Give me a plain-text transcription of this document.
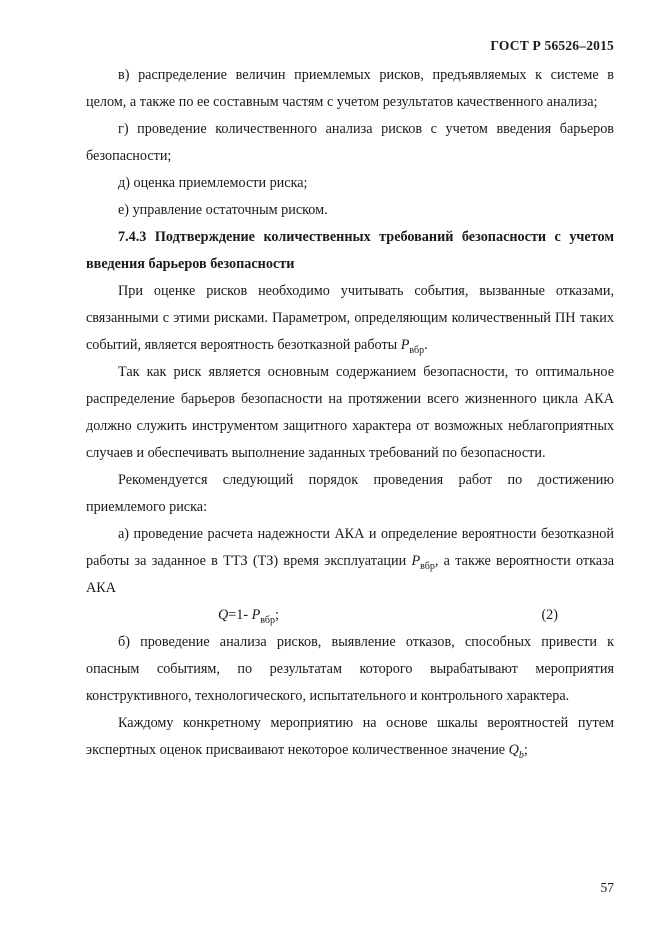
ГОСТ Р 56526–2015

в) распределение величин приемлемых рисков, предъявляемых к системе в целом, а также по ее составным частям с учетом результатов качественного анализа;

г) проведение количественного анализа рисков с учетом введения барьеров безопасности;

д) оценка приемлемости риска;

е) управление остаточным риском.

7.4.3 Подтверждение количественных требований безопасности с учетом введения барьеров безопасности

При оценке рисков необходимо учитывать события, вызванные отказами, связанными с этими рисками. Параметром, определяющим количественный ПН таких событий, является вероятность безотказной работы $P_{вбр}$.

Так как риск является основным содержанием безопасности, то оптимальное распределение барьеров безопасности на протяжении всего жизненного цикла АКА должно служить инструментом защитного характера от возможных неблагоприятных случаев и обеспечивать выполнение заданных требований по безопасности.

Рекомендуется следующий порядок проведения работ по достижению приемлемого риска:

а) проведение расчета надежности АКА и определение вероятности безотказной работы за заданное в ТТЗ (ТЗ) время эксплуатации $P_{вбр}$, а также вероятности отказа АКА

Q=1- $P_{вбр}$;	(2)

б) проведение анализа рисков, выявление отказов, способных привести к опасным событиям, по результатам которого вырабатывают мероприятия конструктивного, технологического, испытательного и контрольного характера.

Каждому конкретному мероприятию на основе шкалы вероятностей путем экспертных оценок присваивают некоторое количественное значение $Q_b$;

57
